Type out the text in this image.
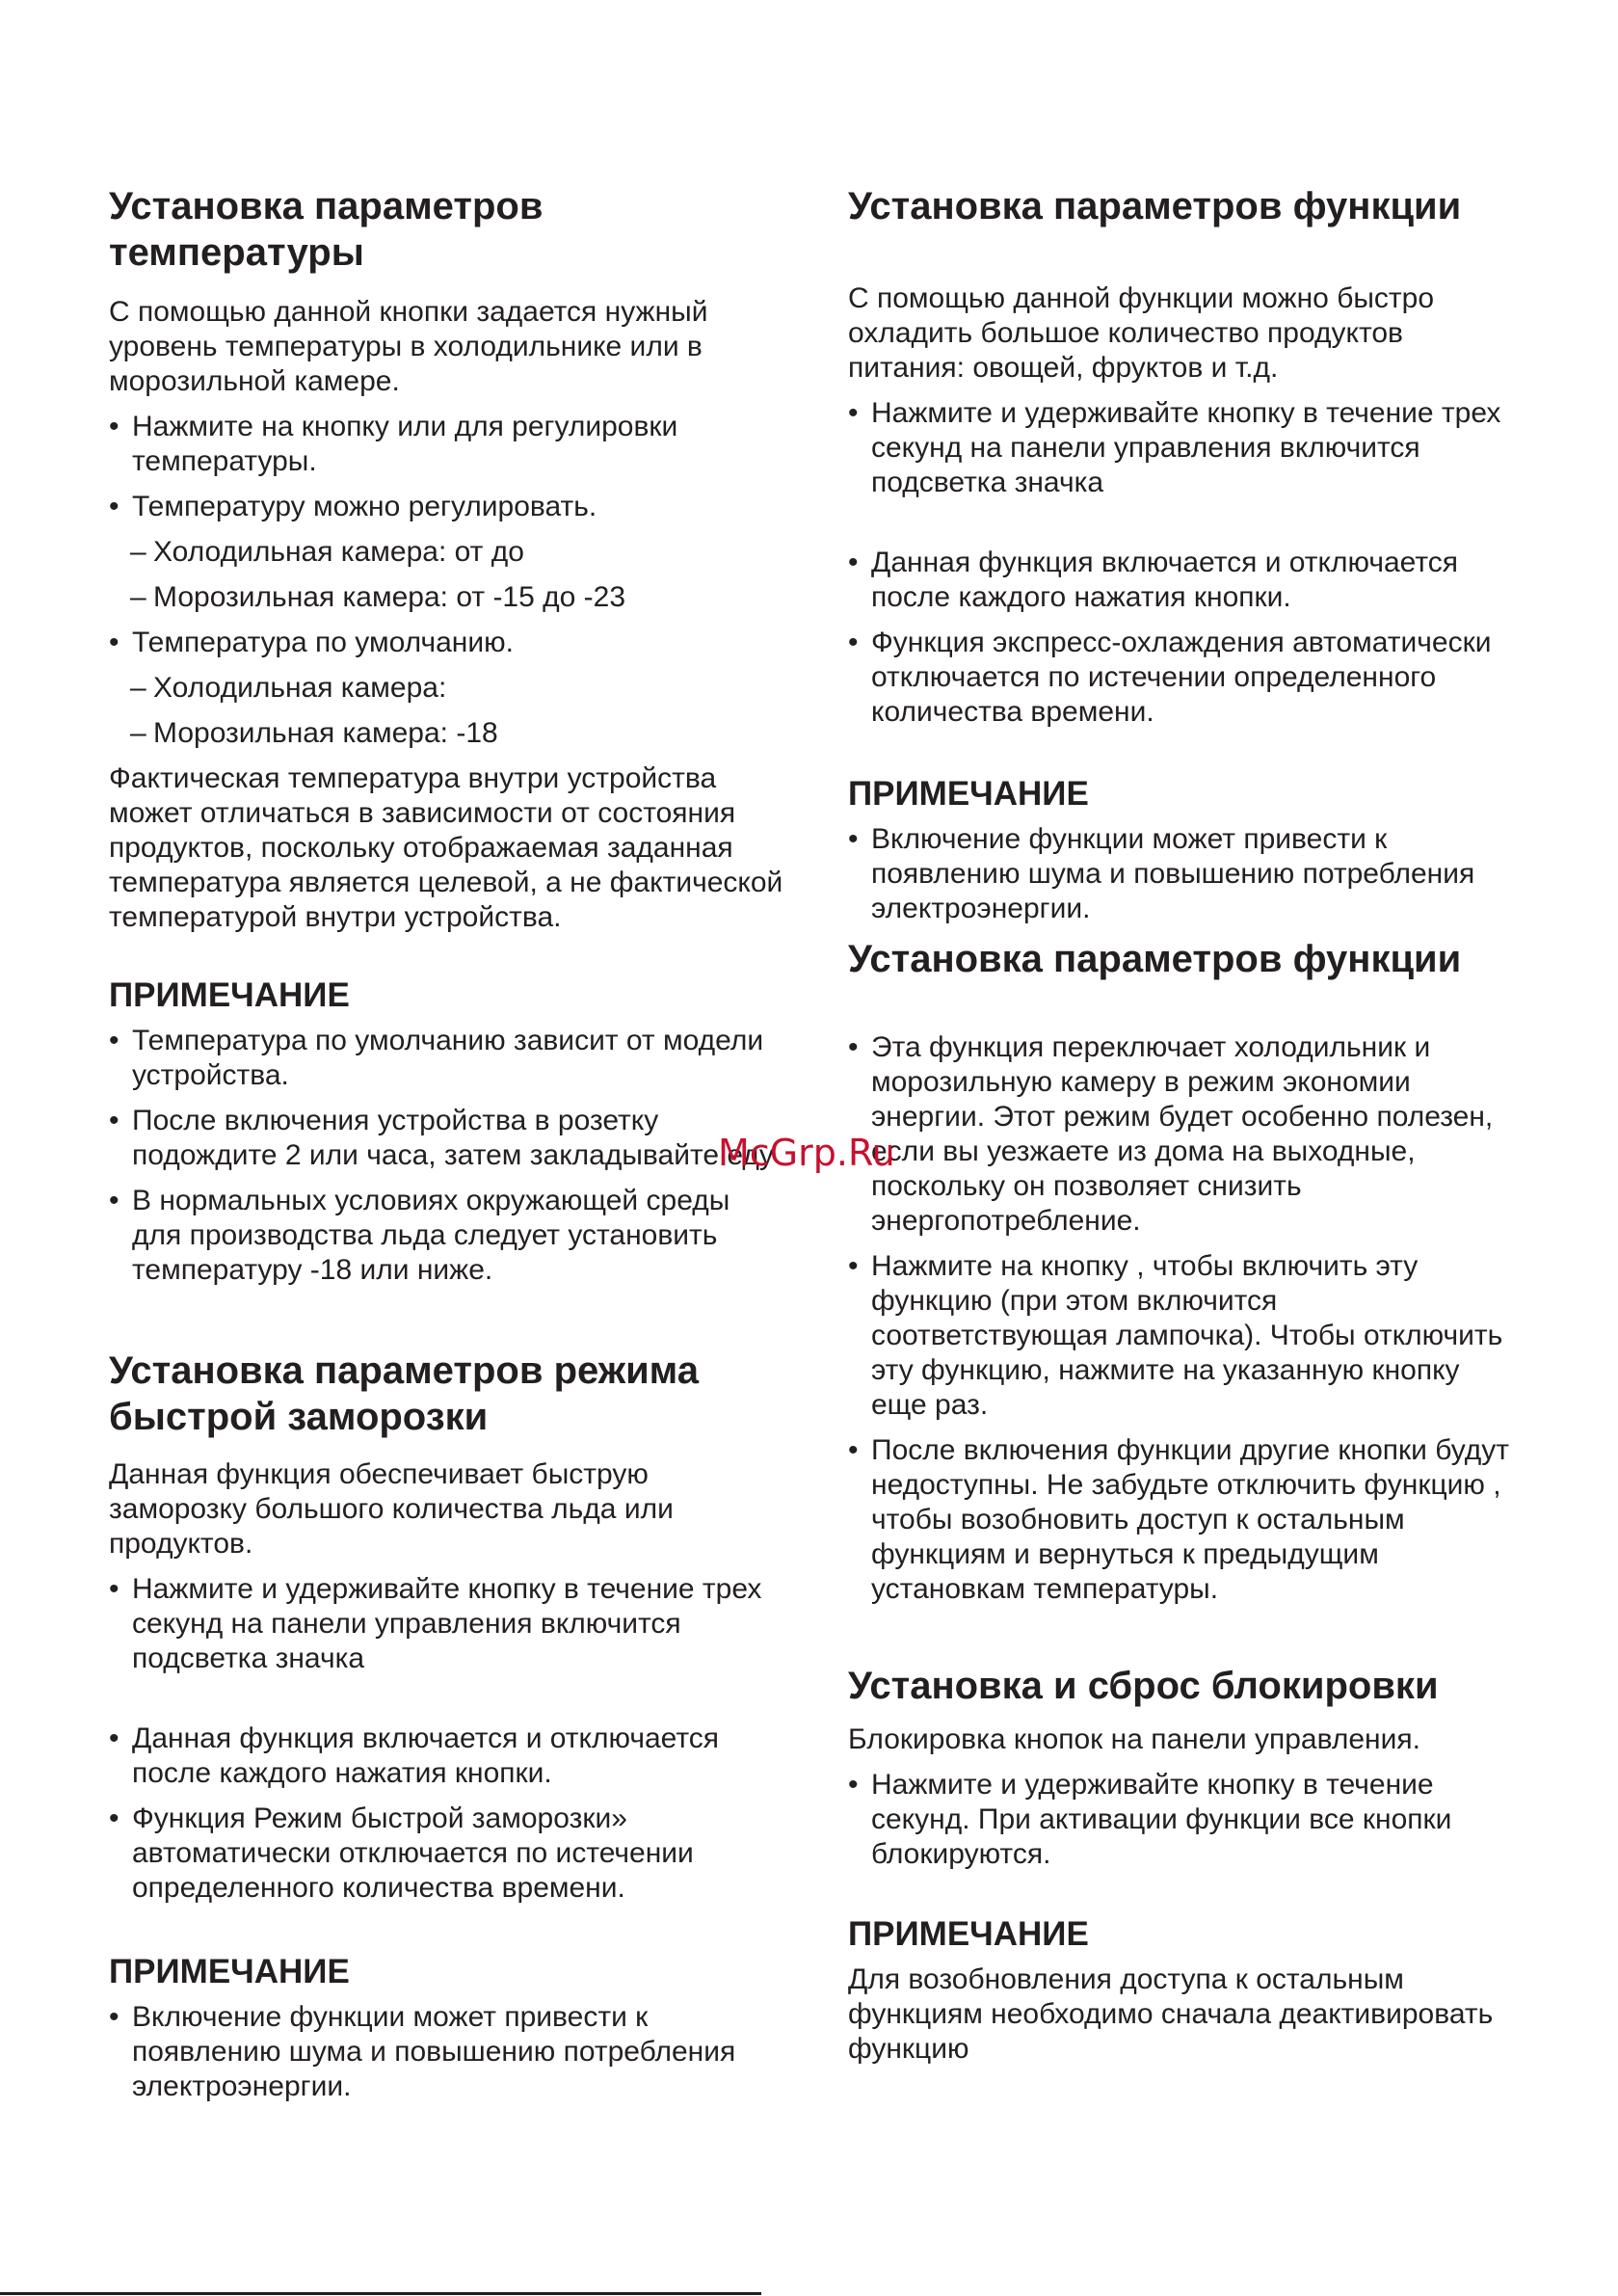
Установка параметров температуры

С помощью данной кнопки задается нужный уровень температуры в холодильнике или в морозильной камере.

• Нажмите на кнопку или для регулировки температуры.
• Температуру можно регулировать.
– Холодильная камера: от до
– Морозильная камера: от -15 до -23
• Температура по умолчанию.
– Холодильная камера:
– Морозильная камера: -18

Фактическая температура внутри устройства может отличаться в зависимости от состояния продуктов, поскольку отображаемая заданная температура является целевой, а не фактической температурой внутри устройства.

ПРИМЕЧАНИЕ
• Температура по умолчанию зависит от модели устройства.
• После включения устройства в розетку подождите 2 или часа, затем закладывайте еду
• В нормальных условиях окружающей среды для производства льда следует установить температуру -18 или ниже.
Установка параметров режима быстрой заморозки

Данная функция обеспечивает быструю заморозку большого количества льда или продуктов.

• Нажмите и удерживайте кнопку в течение трех секунд на панели управления включится подсветка значка
• Данная функция включается и отключается после каждого нажатия кнопки.
• Функция Режим быстрой заморозки» автоматически отключается по истечении определенного количества времени.
ПРИМЕЧАНИЕ
• Включение функции может привести к появлению шума и повышению потребления электроэнергии.
Установка параметров функции

С помощью данной функции можно быстро охладить большое количество продуктов питания: овощей, фруктов и т.д.

• Нажмите и удерживайте кнопку в течение трех секунд на панели управления включится подсветка значка
• Данная функция включается и отключается после каждого нажатия кнопки.
• Функция экспресс-охлаждения автоматически отключается по истечении определенного количества времени.
ПРИМЕЧАНИЕ
• Включение функции может привести к появлению шума и повышению потребления электроэнергии.
Установка параметров функции
• Эта функция переключает холодильник и морозильную камеру в режим экономии энергии. Этот режим будет особенно полезен, если вы уезжаете из дома на выходные, поскольку он позволяет снизить энергопотребление.
• Нажмите на кнопку , чтобы включить эту функцию (при этом включится соответствующая лампочка). Чтобы отключить эту функцию, нажмите на указанную кнопку еще раз.
• После включения функции другие кнопки будут недоступны. Не забудьте отключить функцию , чтобы возобновить доступ к остальным функциям и вернуться к предыдущим установкам температуры.
Установка и сброс блокировки

Блокировка кнопок на панели управления.

• Нажмите и удерживайте кнопку в течение секунд. При активации функции все кнопки блокируются.
ПРИМЕЧАНИЕ

Для возобновления доступа к остальным функциям необходимо сначала деактивировать функцию

McGrp.Ru
